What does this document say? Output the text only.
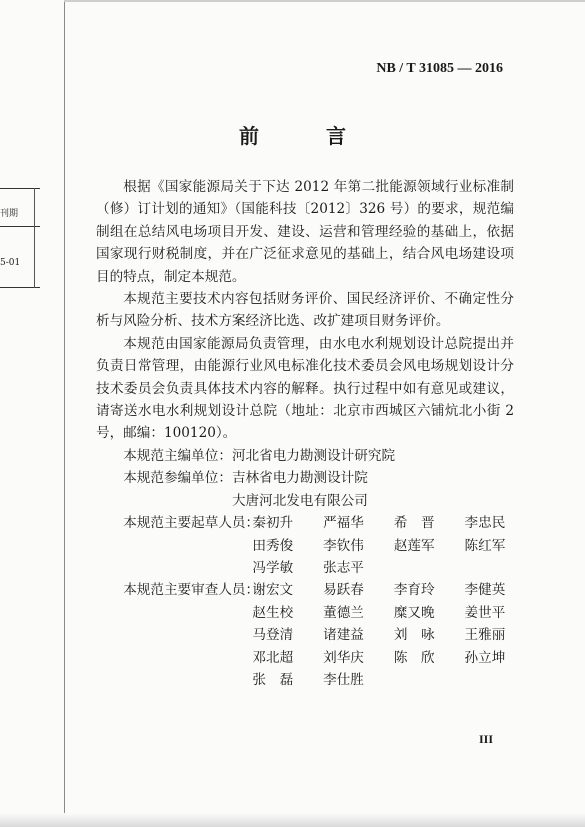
刊期
5-01
NB / T 31085 — 2016
前 言

根据《国家能源局关于下达 2012 年第二批能源领域行业标准制（修）订计划的通知》（国能科技〔2012〕326 号）的要求，规范编制组在总结风电场项目开发、建设、运营和管理经验的基础上，依据国家现行财税制度，并在广泛征求意见的基础上，结合风电场建设项目的特点，制定本规范。

本规范主要技术内容包括财务评价、国民经济评价、不确定性分析与风险分析、技术方案经济比选、改扩建项目财务评价。

本规范由国家能源局负责管理，由水电水利规划设计总院提出并负责日常管理，由能源行业风电标准化技术委员会风电场规划设计分技术委员会负责具体技术内容的解释。执行过程中如有意见或建议，请寄送水电水利规划设计总院（地址：北京市西城区六铺炕北小街 2 号，邮编：100120）。

本规范主编单位： 河北省电力勘测设计研究院
本规范参编单位： 吉林省电力勘测设计院
大唐河北发电有限公司
本规范主要起草人员：
秦初升	严福华	希　晋	李忠民
田秀俊	李钦伟	赵莲军	陈红军
冯学敏	张志平
本规范主要审查人员：
谢宏文	易跃春	李育玲	李健英
赵生校	董德兰	糜又晚	姜世平
马登清	诸建益	刘　咏	王雅丽
邓北超	刘华庆	陈　欣	孙立坤
张　磊	李仕胜
III
